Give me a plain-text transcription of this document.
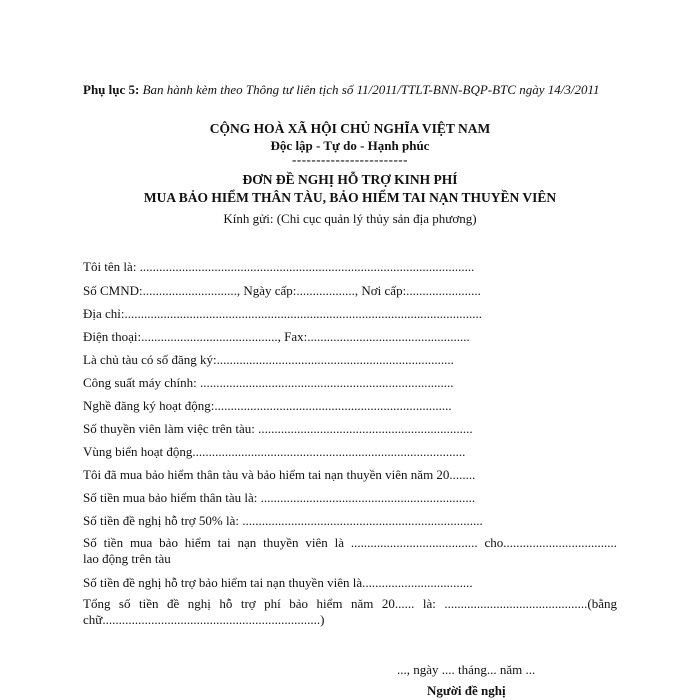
Phụ lục 5: Ban hành kèm theo Thông tư liên tịch số 11/2011/TTLT-BNN-BQP-BTC ngày 14/3/2011
CỘNG HOÀ XÃ HỘI CHỦ NGHĨA VIỆT NAM
Độc lập - Tự do - Hạnh phúc
------------------------
ĐƠN ĐỀ NGHỊ HỖ TRỢ KINH PHÍ
MUA BẢO HIỂM THÂN TÀU, BẢO HIỂM TAI NẠN THUYỀN VIÊN
Kính gửi: (Chi cục quản lý thủy sản địa phương)
Tôi tên là: .......................................................................................................
Số CMND:............................., Ngày cấp:.................., Nơi cấp:.......................
Địa chỉ:..............................................................................................................
Điện thoại:.........................................., Fax:..................................................
Là chủ tàu có số đăng ký:.........................................................................
Công suất máy chính: ..............................................................................
Nghề đăng ký hoạt động:.........................................................................
Số thuyền viên làm việc trên tàu: ..................................................................
Vùng biển hoạt động....................................................................................
Tôi đã mua bảo hiểm thân tàu và bảo hiểm tai nạn thuyền viên năm 20........
Số tiền mua bảo hiểm thân tàu là: ..................................................................
Số tiền đề nghị hỗ trợ 50% là: ..........................................................................
Số tiền mua bảo hiểm tai nạn thuyền viên là ....................................... cho...................................
lao động trên tàu
Số tiền đề nghị hỗ trợ bảo hiểm tai nạn thuyền viên là..................................
Tổng số tiền đề nghị hỗ trợ phí bảo hiểm năm 20...... là: ............................................(bằng
chữ...................................................................)
..., ngày .... tháng... năm ...
Người đề nghị
